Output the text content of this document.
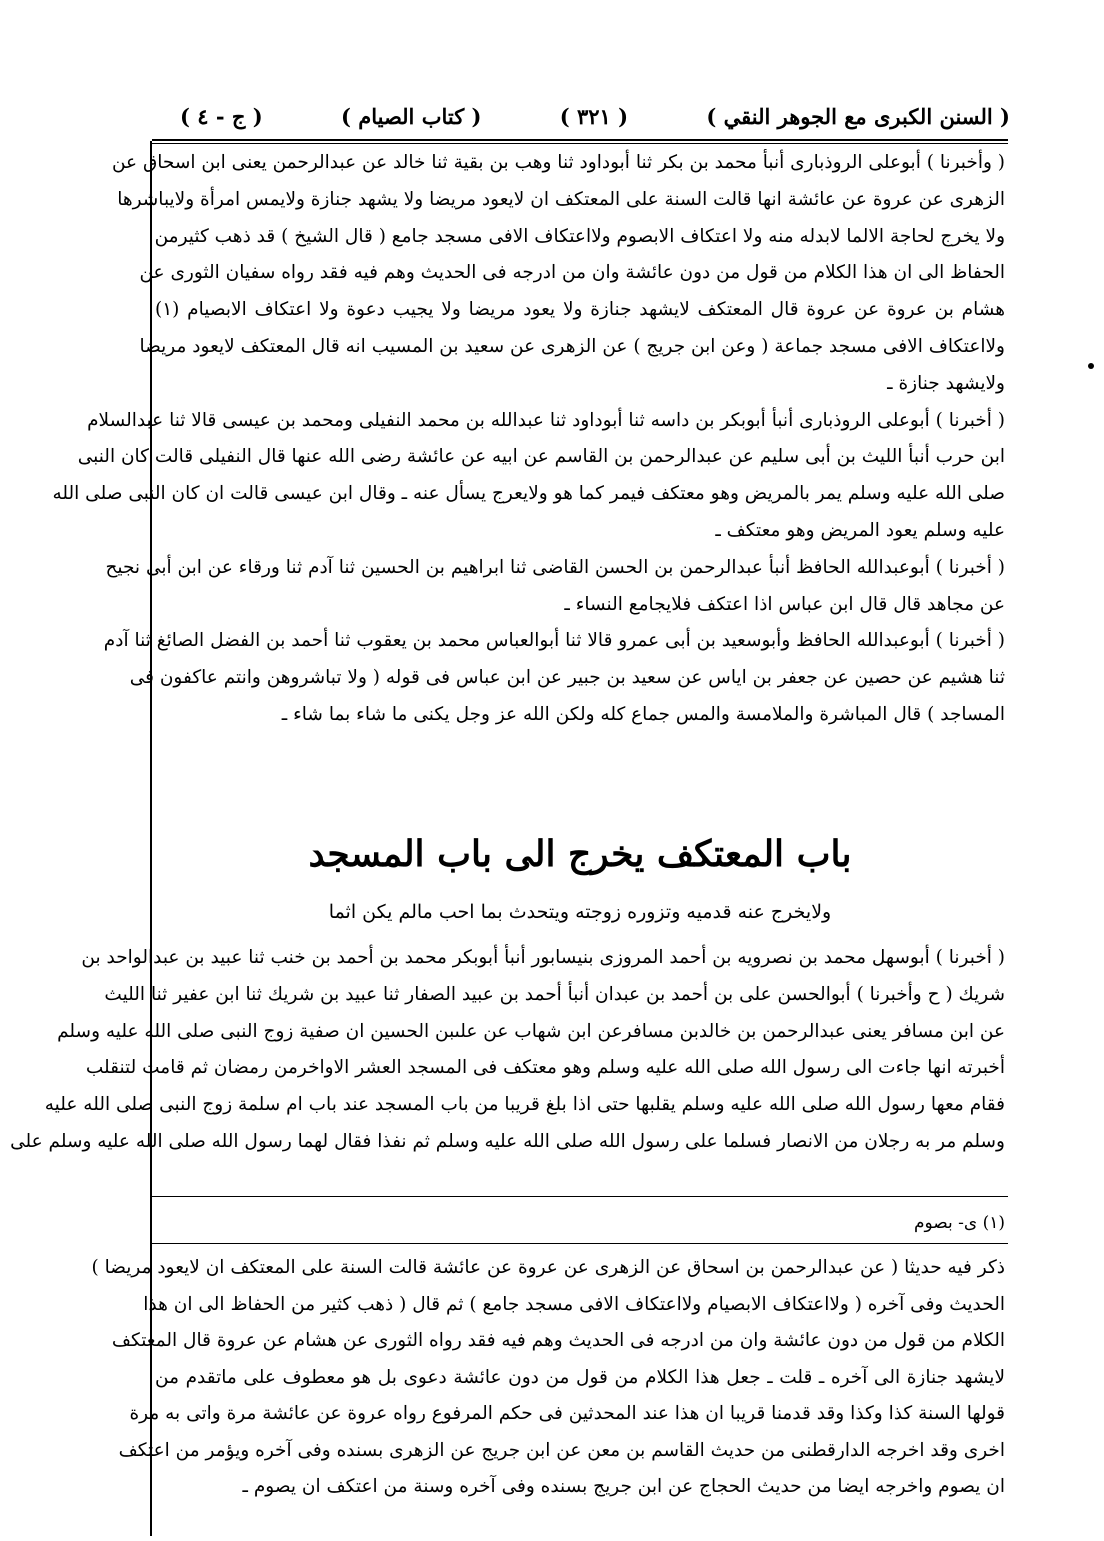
( السنن الكبرى مع الجوهر النقي )
( ٣٢١ )
( كتاب الصيام )
( ج - ٤ )
( وأخبرنا ) أبوعلى الروذبارى أنبأ محمد بن بكر ثنا أبوداود ثنا وهب بن بقية ثنا خالد عن عبدالرحمن يعنى ابن اسحاق عن
الزهرى عن عروة عن عائشة انها قالت السنة على المعتكف ان لايعود مريضا ولا يشهد جنازة ولايمس امرأة ولايباشرها
ولا يخرج لحاجة الالما لابدله منه ولا اعتكاف الابصوم ولااعتكاف الافى مسجد جامع ( قال الشيخ ) قد ذهب كثيرمن
الحفاظ الى ان هذا الكلام من قول من دون عائشة وان من ادرجه فى الحديث وهم فيه فقد رواه سفيان الثورى عن
هشام بن عروة عن عروة قال المعتكف لايشهد جنازة ولا يعود مريضا ولا يجيب دعوة ولا اعتكاف الابصيام (١)
ولااعتكاف الافى مسجد جماعة ( وعن ابن جريج ) عن الزهرى عن سعيد بن المسيب انه قال المعتكف لايعود مريضا
ولايشهد جنازة ـ
( أخبرنا ) أبوعلى الروذبارى أنبأ أبوبكر بن داسه ثنا أبوداود ثنا عبدالله بن محمد النفيلى ومحمد بن عيسى قالا ثنا عبدالسلام
ابن حرب أنبأ الليث بن أبى سليم عن عبدالرحمن بن القاسم عن ابيه عن عائشة رضى الله عنها قال النفيلى قالت كان النبى
صلى الله عليه وسلم يمر بالمريض وهو معتكف فيمر كما هو ولايعرج يسأل عنه ـ وقال ابن عيسى قالت ان كان النبى صلى الله
عليه وسلم يعود المريض وهو معتكف ـ
( أخبرنا ) أبوعبدالله الحافظ أنبأ عبدالرحمن بن الحسن القاضى ثنا ابراهيم بن الحسين ثنا آدم ثنا ورقاء عن ابن أبى نجيح
عن مجاهد قال قال ابن عباس اذا اعتكف فلايجامع النساء ـ
( أخبرنا ) أبوعبدالله الحافظ وأبوسعيد بن أبى عمرو قالا ثنا أبوالعباس محمد بن يعقوب ثنا أحمد بن الفضل الصائغ ثنا آدم
ثنا هشيم عن حصين عن جعفر بن اياس عن سعيد بن جبير عن ابن عباس فى قوله ( ولا تباشروهن وانتم عاكفون فى
المساجد ) قال المباشرة والملامسة والمس جماع كله ولكن الله عز وجل يكنى ما شاء بما شاء ـ
باب المعتكف يخرج الى باب المسجد
ولايخرج عنه قدميه وتزوره زوجته ويتحدث بما احب مالم يكن اثما
( أخبرنا ) أبوسهل محمد بن نصرويه بن أحمد المروزى بنيسابور أنبأ أبوبكر محمد بن أحمد بن خنب ثنا عبيد بن عبدالواحد بن
شريك ( ح وأخبرنا ) أبوالحسن على بن أحمد بن عبدان أنبأ أحمد بن عبيد الصفار ثنا عبيد بن شريك ثنا ابن عفير ثنا الليث
عن ابن مسافر يعنى عبدالرحمن بن خالدبن مسافرعن ابن شهاب عن علىبن الحسين ان صفية زوج النبى صلى الله عليه وسلم
أخبرته انها جاءت الى رسول الله صلى الله عليه وسلم وهو معتكف فى المسجد العشر الاواخرمن رمضان ثم قامت لتنقلب
فقام معها رسول الله صلى الله عليه وسلم يقلبها حتى اذا بلغ قريبا من باب المسجد عند باب ام سلمة زوج النبى صلى الله عليه
وسلم مر به رجلان من الانصار فسلما على رسول الله صلى الله عليه وسلم ثم نفذا فقال لهما رسول الله صلى الله عليه وسلم على
(١) ى- بصوم
ذكر فيه حديثا ( عن عبدالرحمن بن اسحاق عن الزهرى عن عروة عن عائشة قالت السنة على المعتكف ان لايعود مريضا )
الحديث وفى آخره ( ولااعتكاف الابصيام ولااعتكاف الافى مسجد جامع ) ثم قال ( ذهب كثير من الحفاظ الى ان هذا
الكلام من قول من دون عائشة وان من ادرجه فى الحديث وهم فيه فقد رواه الثورى عن هشام عن عروة قال المعتكف
لايشهد جنازة الى آخره ـ قلت ـ جعل هذا الكلام من قول من دون عائشة دعوى بل هو معطوف على ماتقدم من
قولها السنة كذا وكذا وقد قدمنا قريبا ان هذا عند المحدثين فى حكم المرفوع رواه عروة عن عائشة مرة واتى به مرة
اخرى وقد اخرجه الدارقطنى من حديث القاسم بن معن عن ابن جريج عن الزهرى بسنده وفى آخره ويؤمر من اعتكف
ان يصوم واخرجه ايضا من حديث الحجاج عن ابن جريج بسنده وفى آخره وسنة من اعتكف ان يصوم ـ
